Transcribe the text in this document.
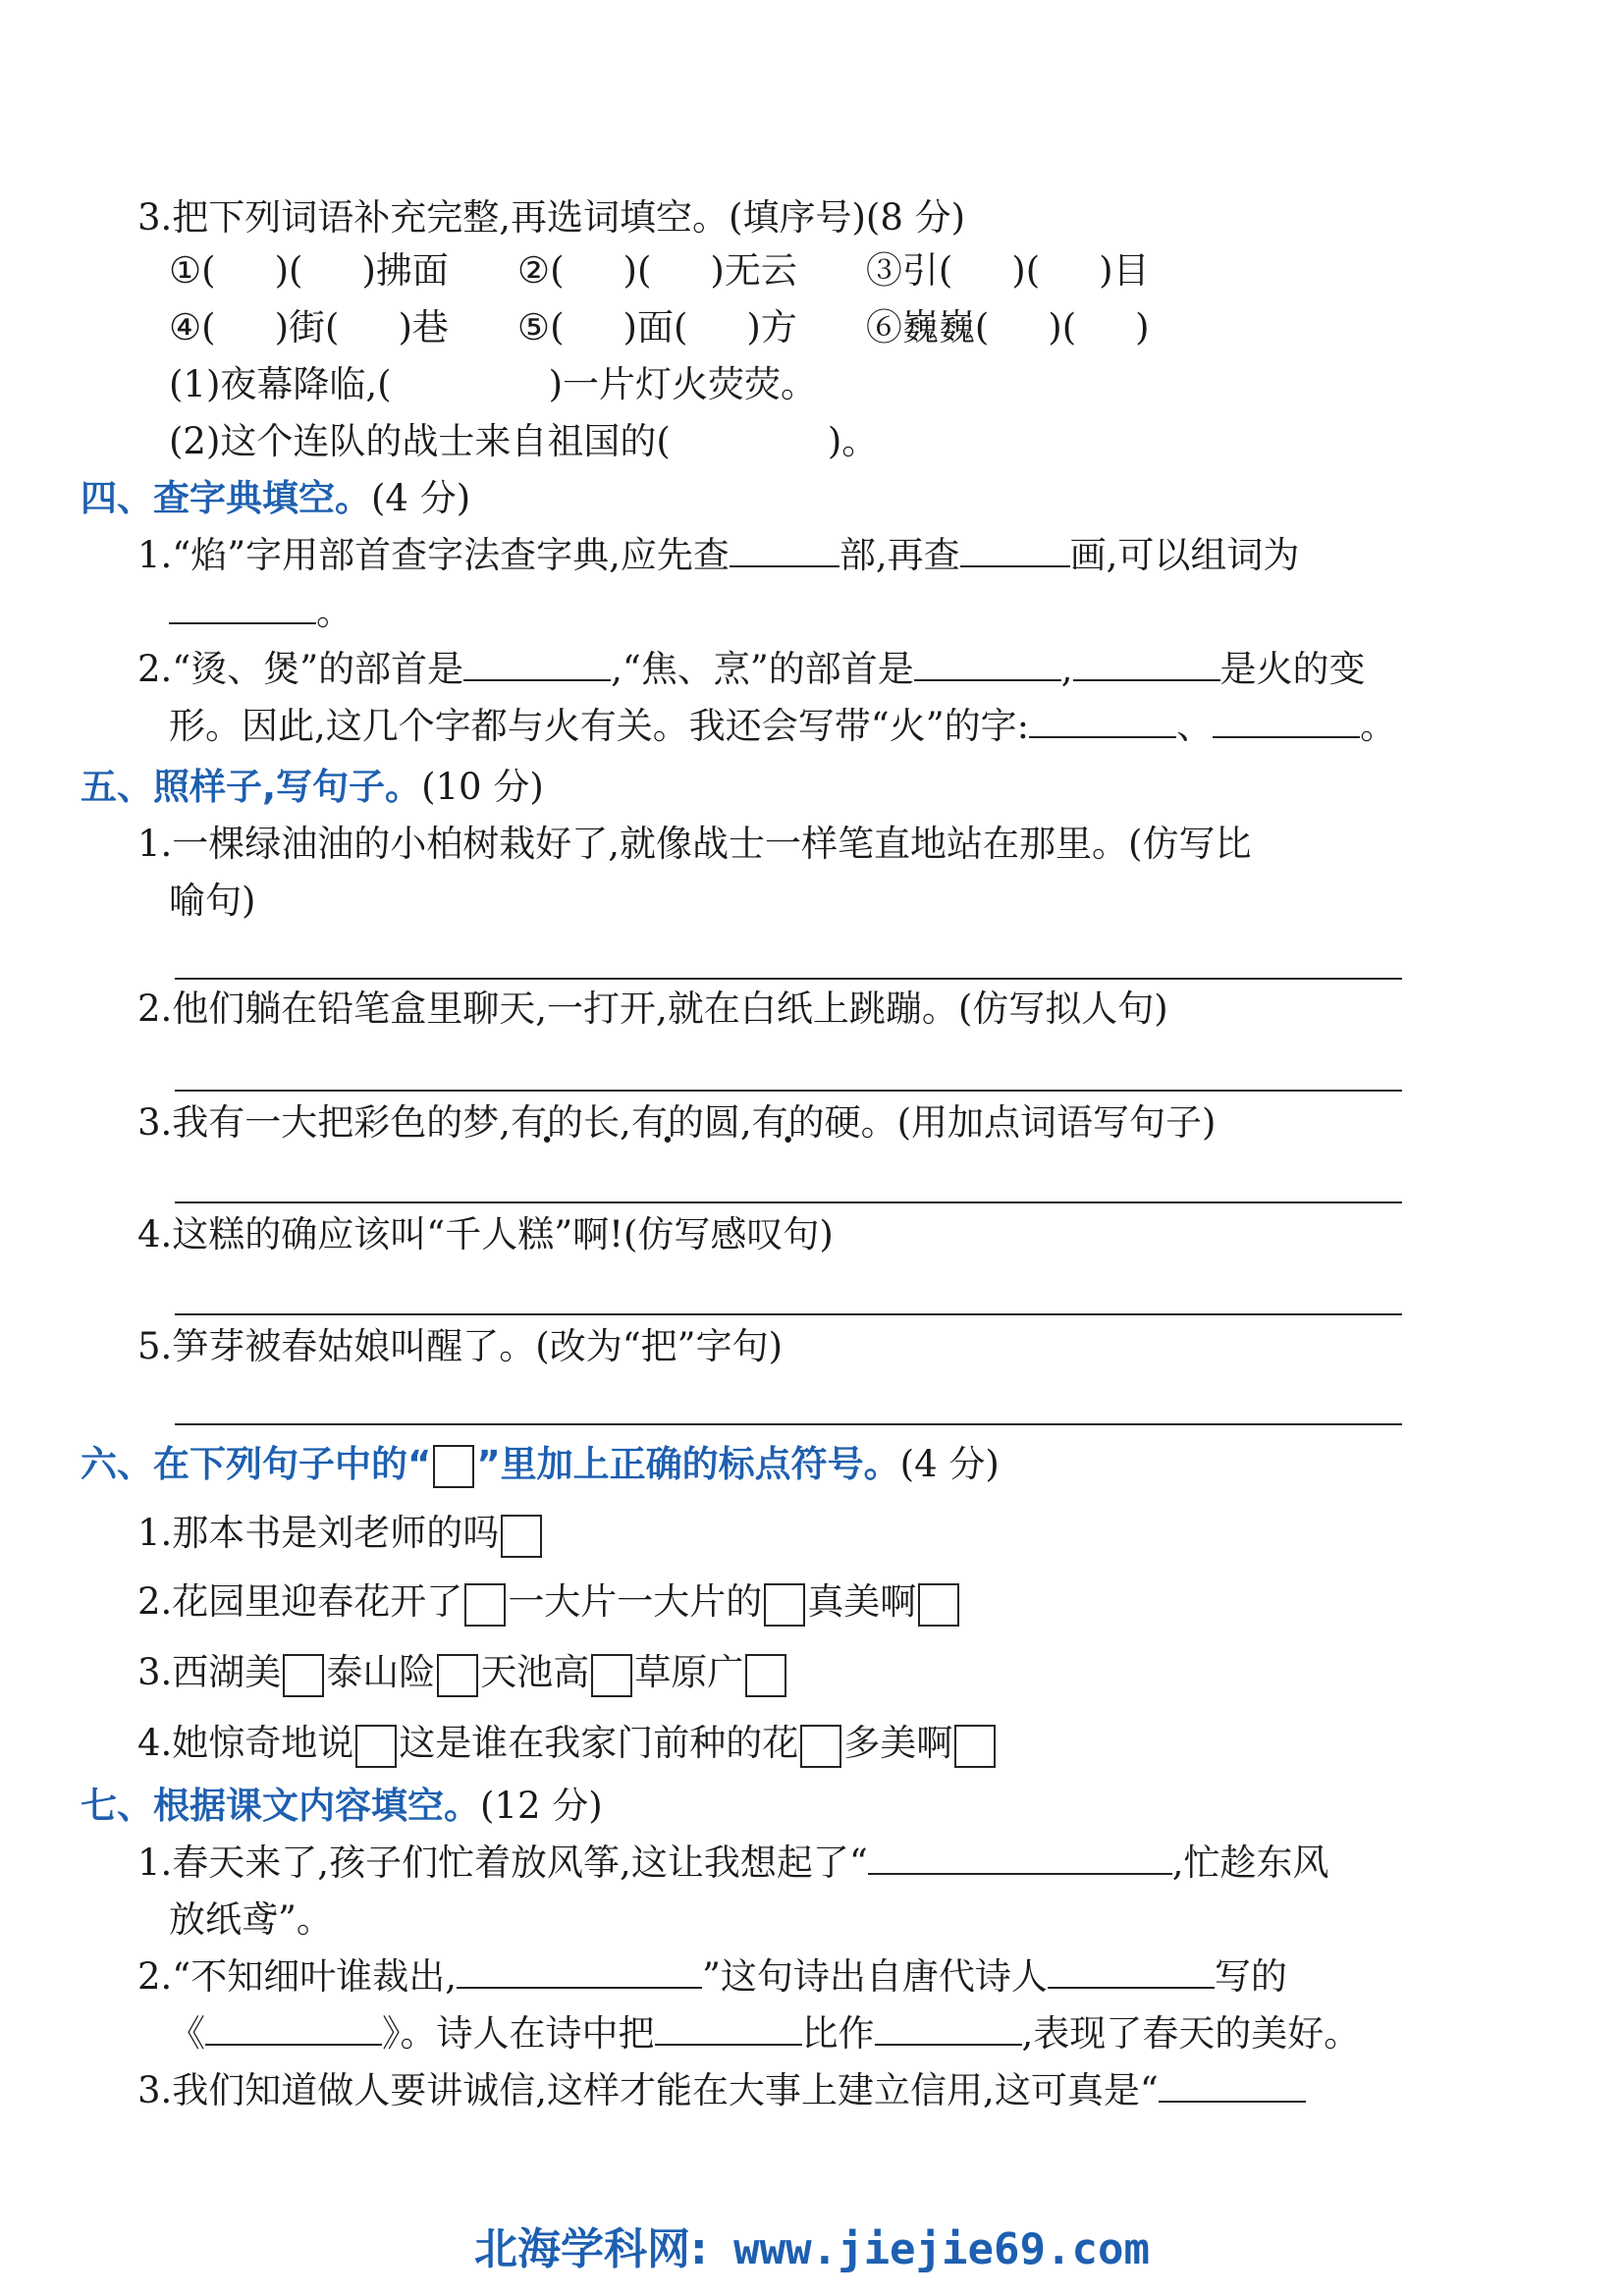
3.把下列词语补充完整,再选词填空。(填序号)(8 分)
①( )( )拂面 ②( )( )无云 ③引( )( )目
④( )街( )巷 ⑤( )面( )方 ⑥巍巍( )( )
(1)夜幕降临,(	)一片灯火荧荧。
(2)这个连队的战士来自祖国的(	)。
四、查字典填空。(4 分)
1.“焰”字用部首查字法查字典,应先查	部,再查	画,可以组词为
。
2.“烫、煲”的部首是	,“焦、烹”的部首是	,	是火的变
形。因此,这几个字都与火有关。我还会写带“火”的字:	、	。
五、照样子,写句子。(10 分)
1.一棵绿油油的小柏树栽好了,就像战士一样笔直地站在那里。(仿写比
喻句)
2.他们躺在铅笔盒里聊天,一打开,就在白纸上跳蹦。(仿写拟人句)
3.我有一大把彩色的梦,有的长,有的圆,有的硬。(用加点词语写句子)
4.这糕的确应该叫“千人糕”啊!(仿写感叹句)
5.笋芽被春姑娘叫醒了。(改为“把”字句)
六、在下列句子中的“ ”里加上正确的标点符号。(4 分)
1.那本书是刘老师的吗
2.花园里迎春花开了 一大片一大片的 真美啊
3.西湖美 泰山险 天池高 草原广
4.她惊奇地说 这是谁在我家门前种的花 多美啊
七、根据课文内容填空。(12 分)
1.春天来了,孩子们忙着放风筝,这让我想起了“	,忙趁东风
放纸鸢”。
2.“不知细叶谁裁出,	”这句诗出自唐代诗人	写的
《	》。诗人在诗中把	比作	,表现了春天的美好。
3.我们知道做人要讲诚信,这样才能在大事上建立信用,这可真是“
北海学科网: www.jiejie69.com
